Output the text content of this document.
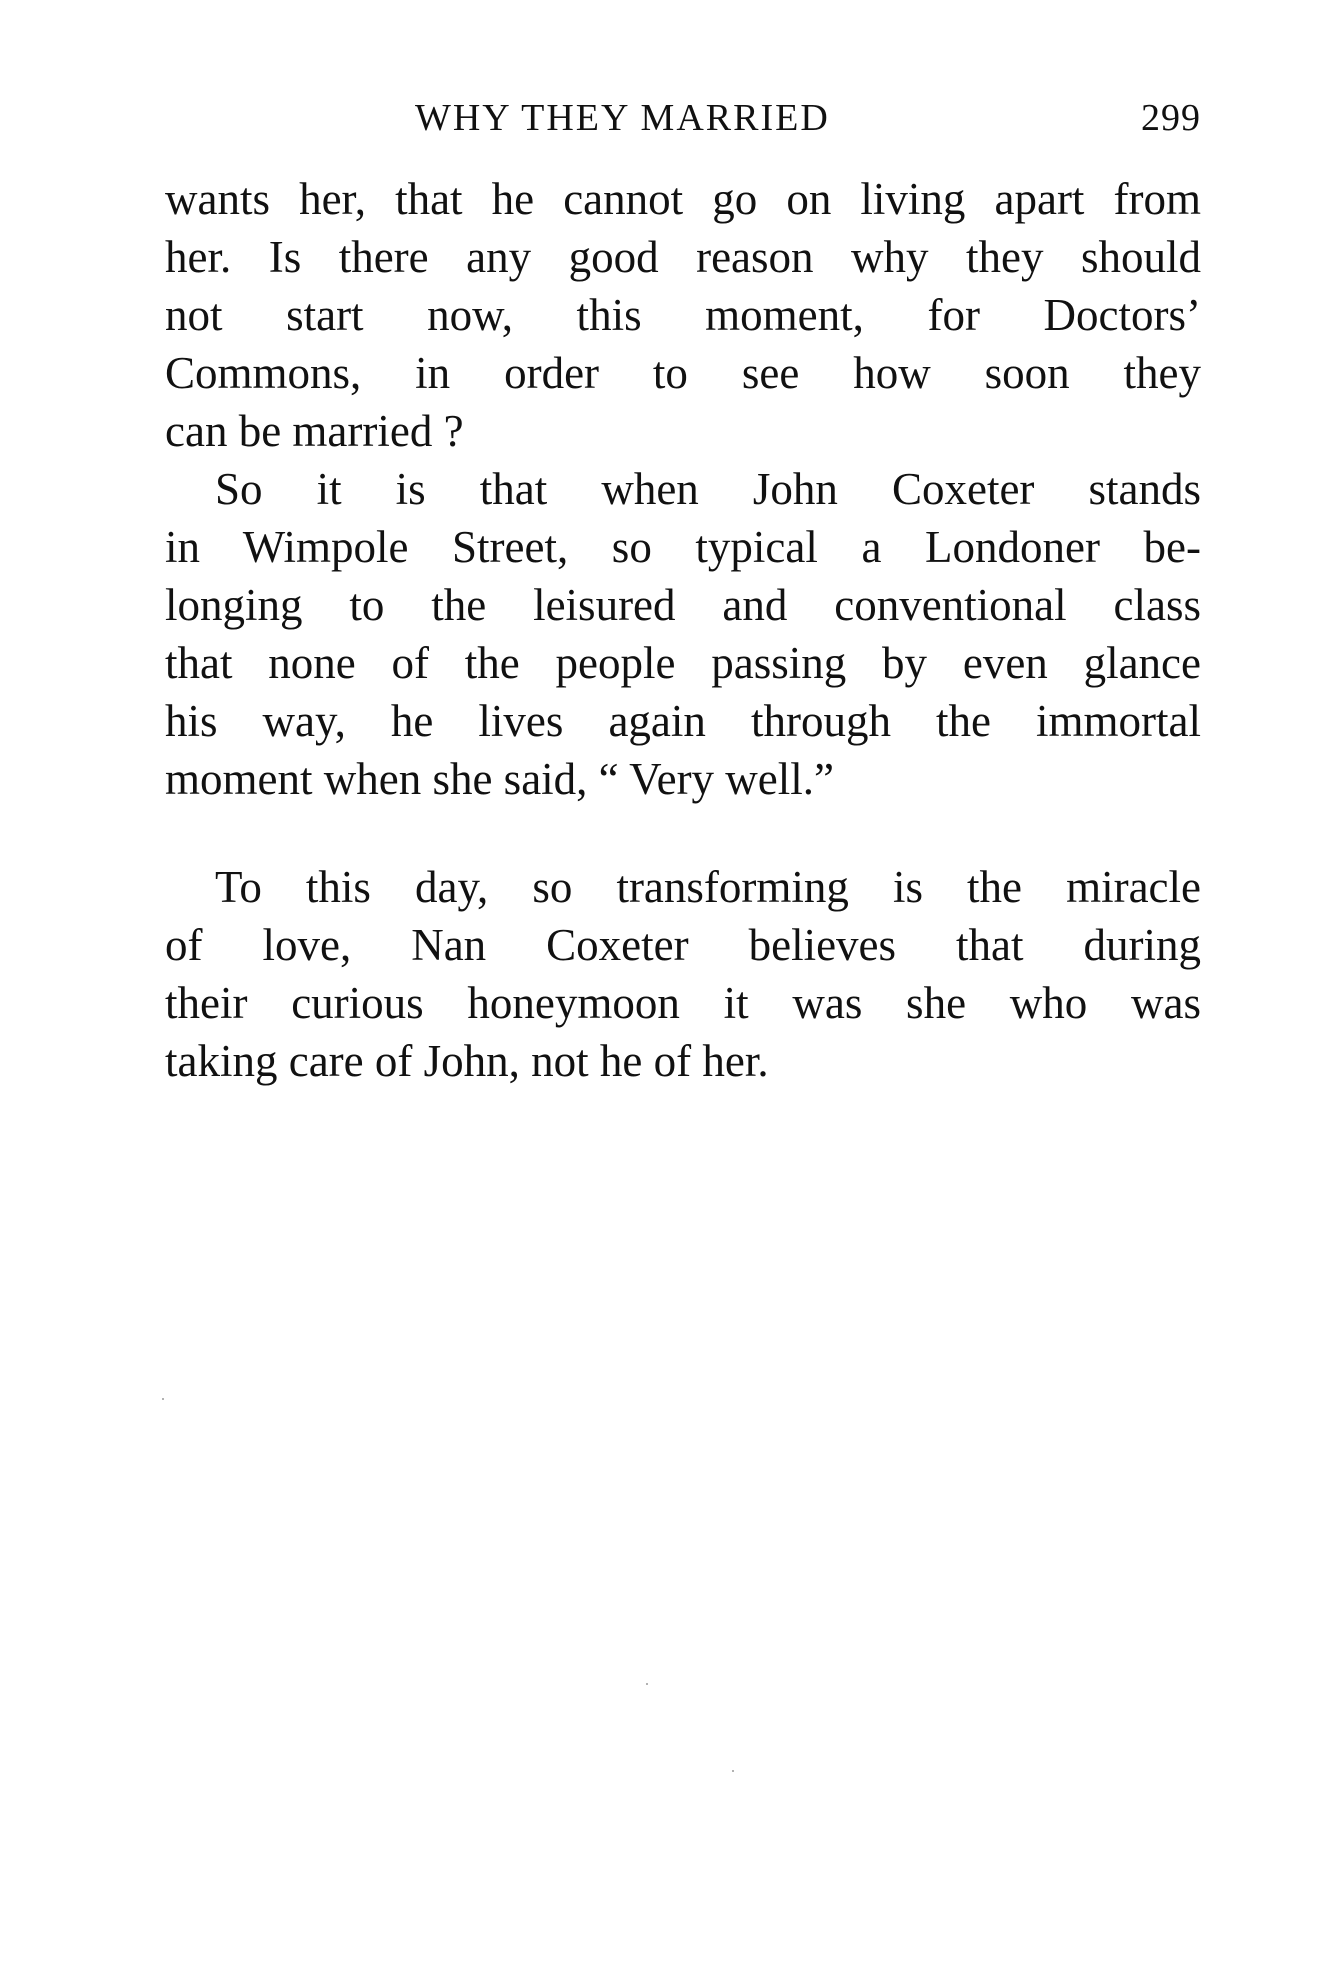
WHY THEY MARRIED	299
wants her, that he cannot go on living apart from
her. Is there any good reason why they should
not start now, this moment, for Doctors’
Commons, in order to see how soon they
can be married ?
So it is that when John Coxeter stands
in Wimpole Street, so typical a Londoner be-
longing to the leisured and conventional class
that none of the people passing by even glance
his way, he lives again through the immortal
moment when she said, “ Very well.”
To this day, so transforming is the miracle
of love, Nan Coxeter believes that during
their curious honeymoon it was she who was
taking care of John, not he of her.
